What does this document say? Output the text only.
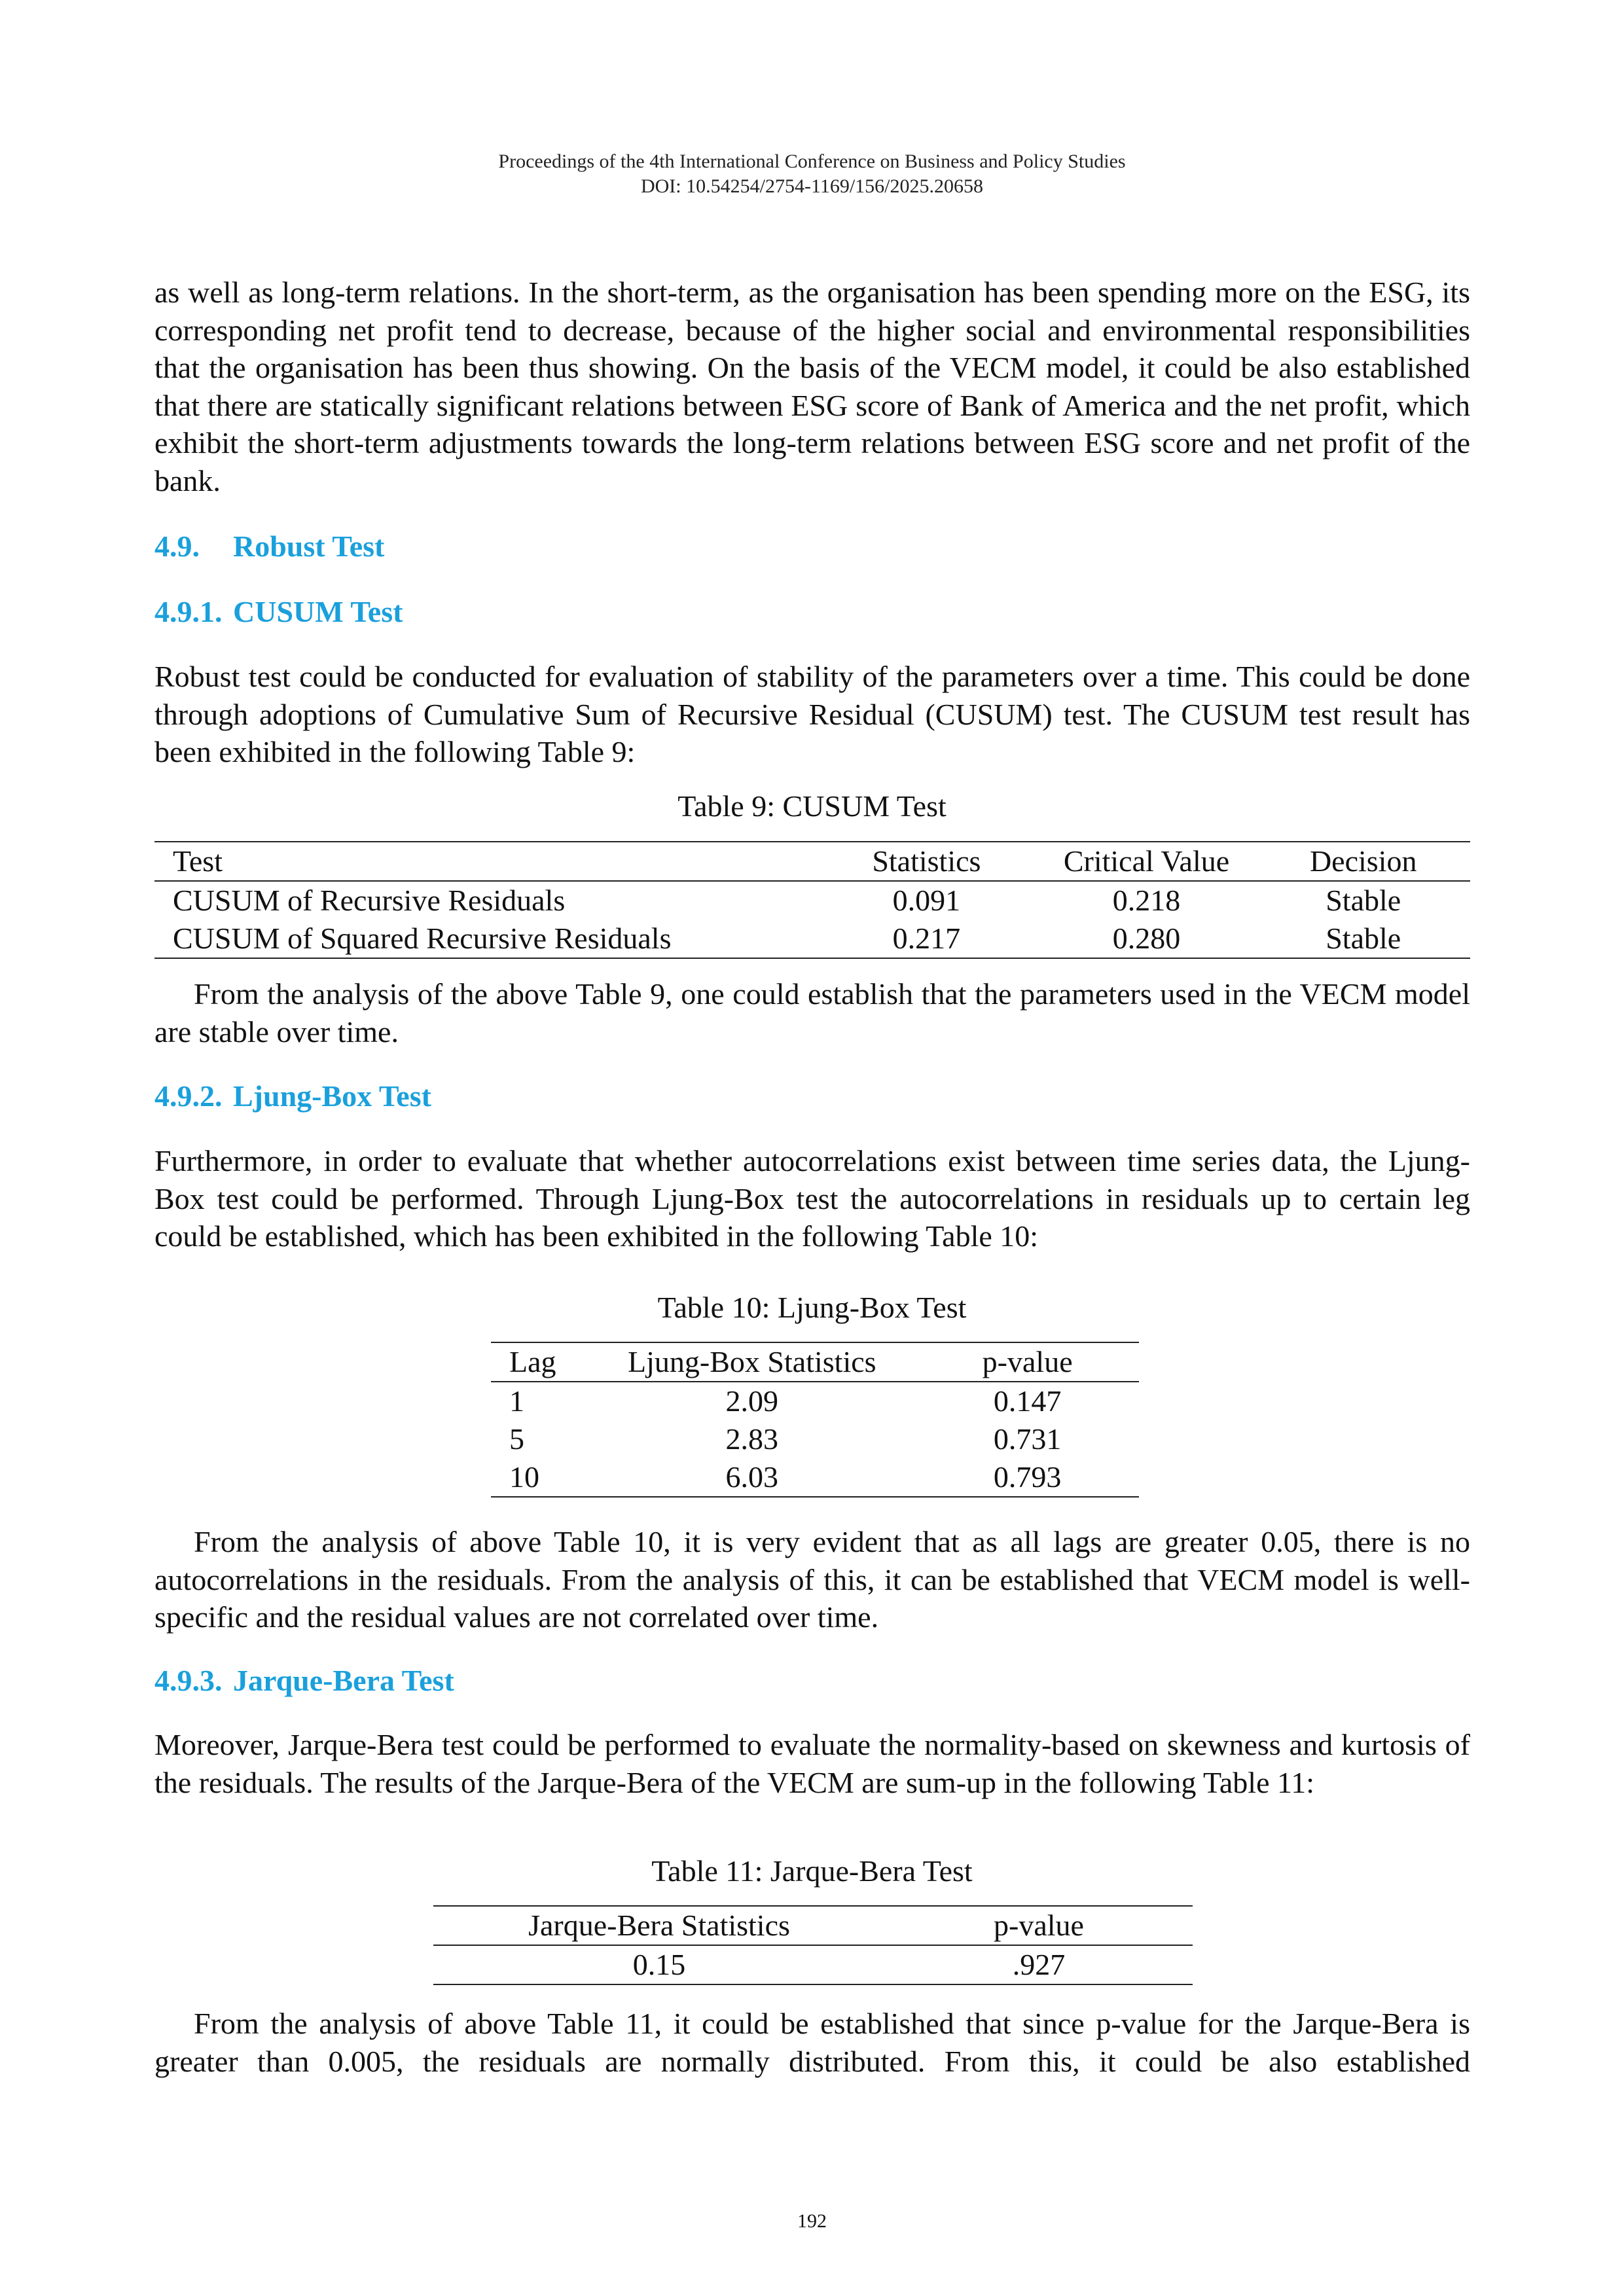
Proceedings of the 4th International Conference on Business and Policy Studies
DOI: 10.54254/2754-1169/156/2025.20658

as well as long-term relations. In the short-term, as the organisation has been spending more on the ESG, its corresponding net profit tend to decrease, because of the higher social and environmental responsibilities that the organisation has been thus showing. On the basis of the VECM model, it could be also established that there are statically significant relations between ESG score of Bank of America and the net profit, which exhibit the short-term adjustments towards the long-term relations between ESG score and net profit of the bank.

4.9. Robust Test
4.9.1. CUSUM Test

Robust test could be conducted for evaluation of stability of the parameters over a time. This could be done through adoptions of Cumulative Sum of Recursive Residual (CUSUM) test. The CUSUM test result has been exhibited in the following Table 9:

Table 9: CUSUM Test
Test	Statistics	Critical Value	Decision
CUSUM of Recursive Residuals	0.091	0.218	Stable
CUSUM of Squared Recursive Residuals	0.217	0.280	Stable

From the analysis of the above Table 9, one could establish that the parameters used in the VECM model are stable over time.

4.9.2. Ljung-Box Test

Furthermore, in order to evaluate that whether autocorrelations exist between time series data, the Ljung-Box test could be performed. Through Ljung-Box test the autocorrelations in residuals up to certain leg could be established, which has been exhibited in the following Table 10:

Table 10: Ljung-Box Test
Lag	Ljung-Box Statistics	p-value
1	2.09	0.147
5	2.83	0.731
10	6.03	0.793

From the analysis of above Table 10, it is very evident that as all lags are greater 0.05, there is no autocorrelations in the residuals. From the analysis of this, it can be established that VECM model is well-specific and the residual values are not correlated over time.

4.9.3. Jarque-Bera Test

Moreover, Jarque-Bera test could be performed to evaluate the normality-based on skewness and kurtosis of the residuals. The results of the Jarque-Bera of the VECM are sum-up in the following Table 11:

Table 11: Jarque-Bera Test
Jarque-Bera Statistics	p-value
0.15	.927

From the analysis of above Table 11, it could be established that since p-value for the Jarque-Bera is greater than 0.005, the residuals are normally distributed. From this, it could be also established

192
